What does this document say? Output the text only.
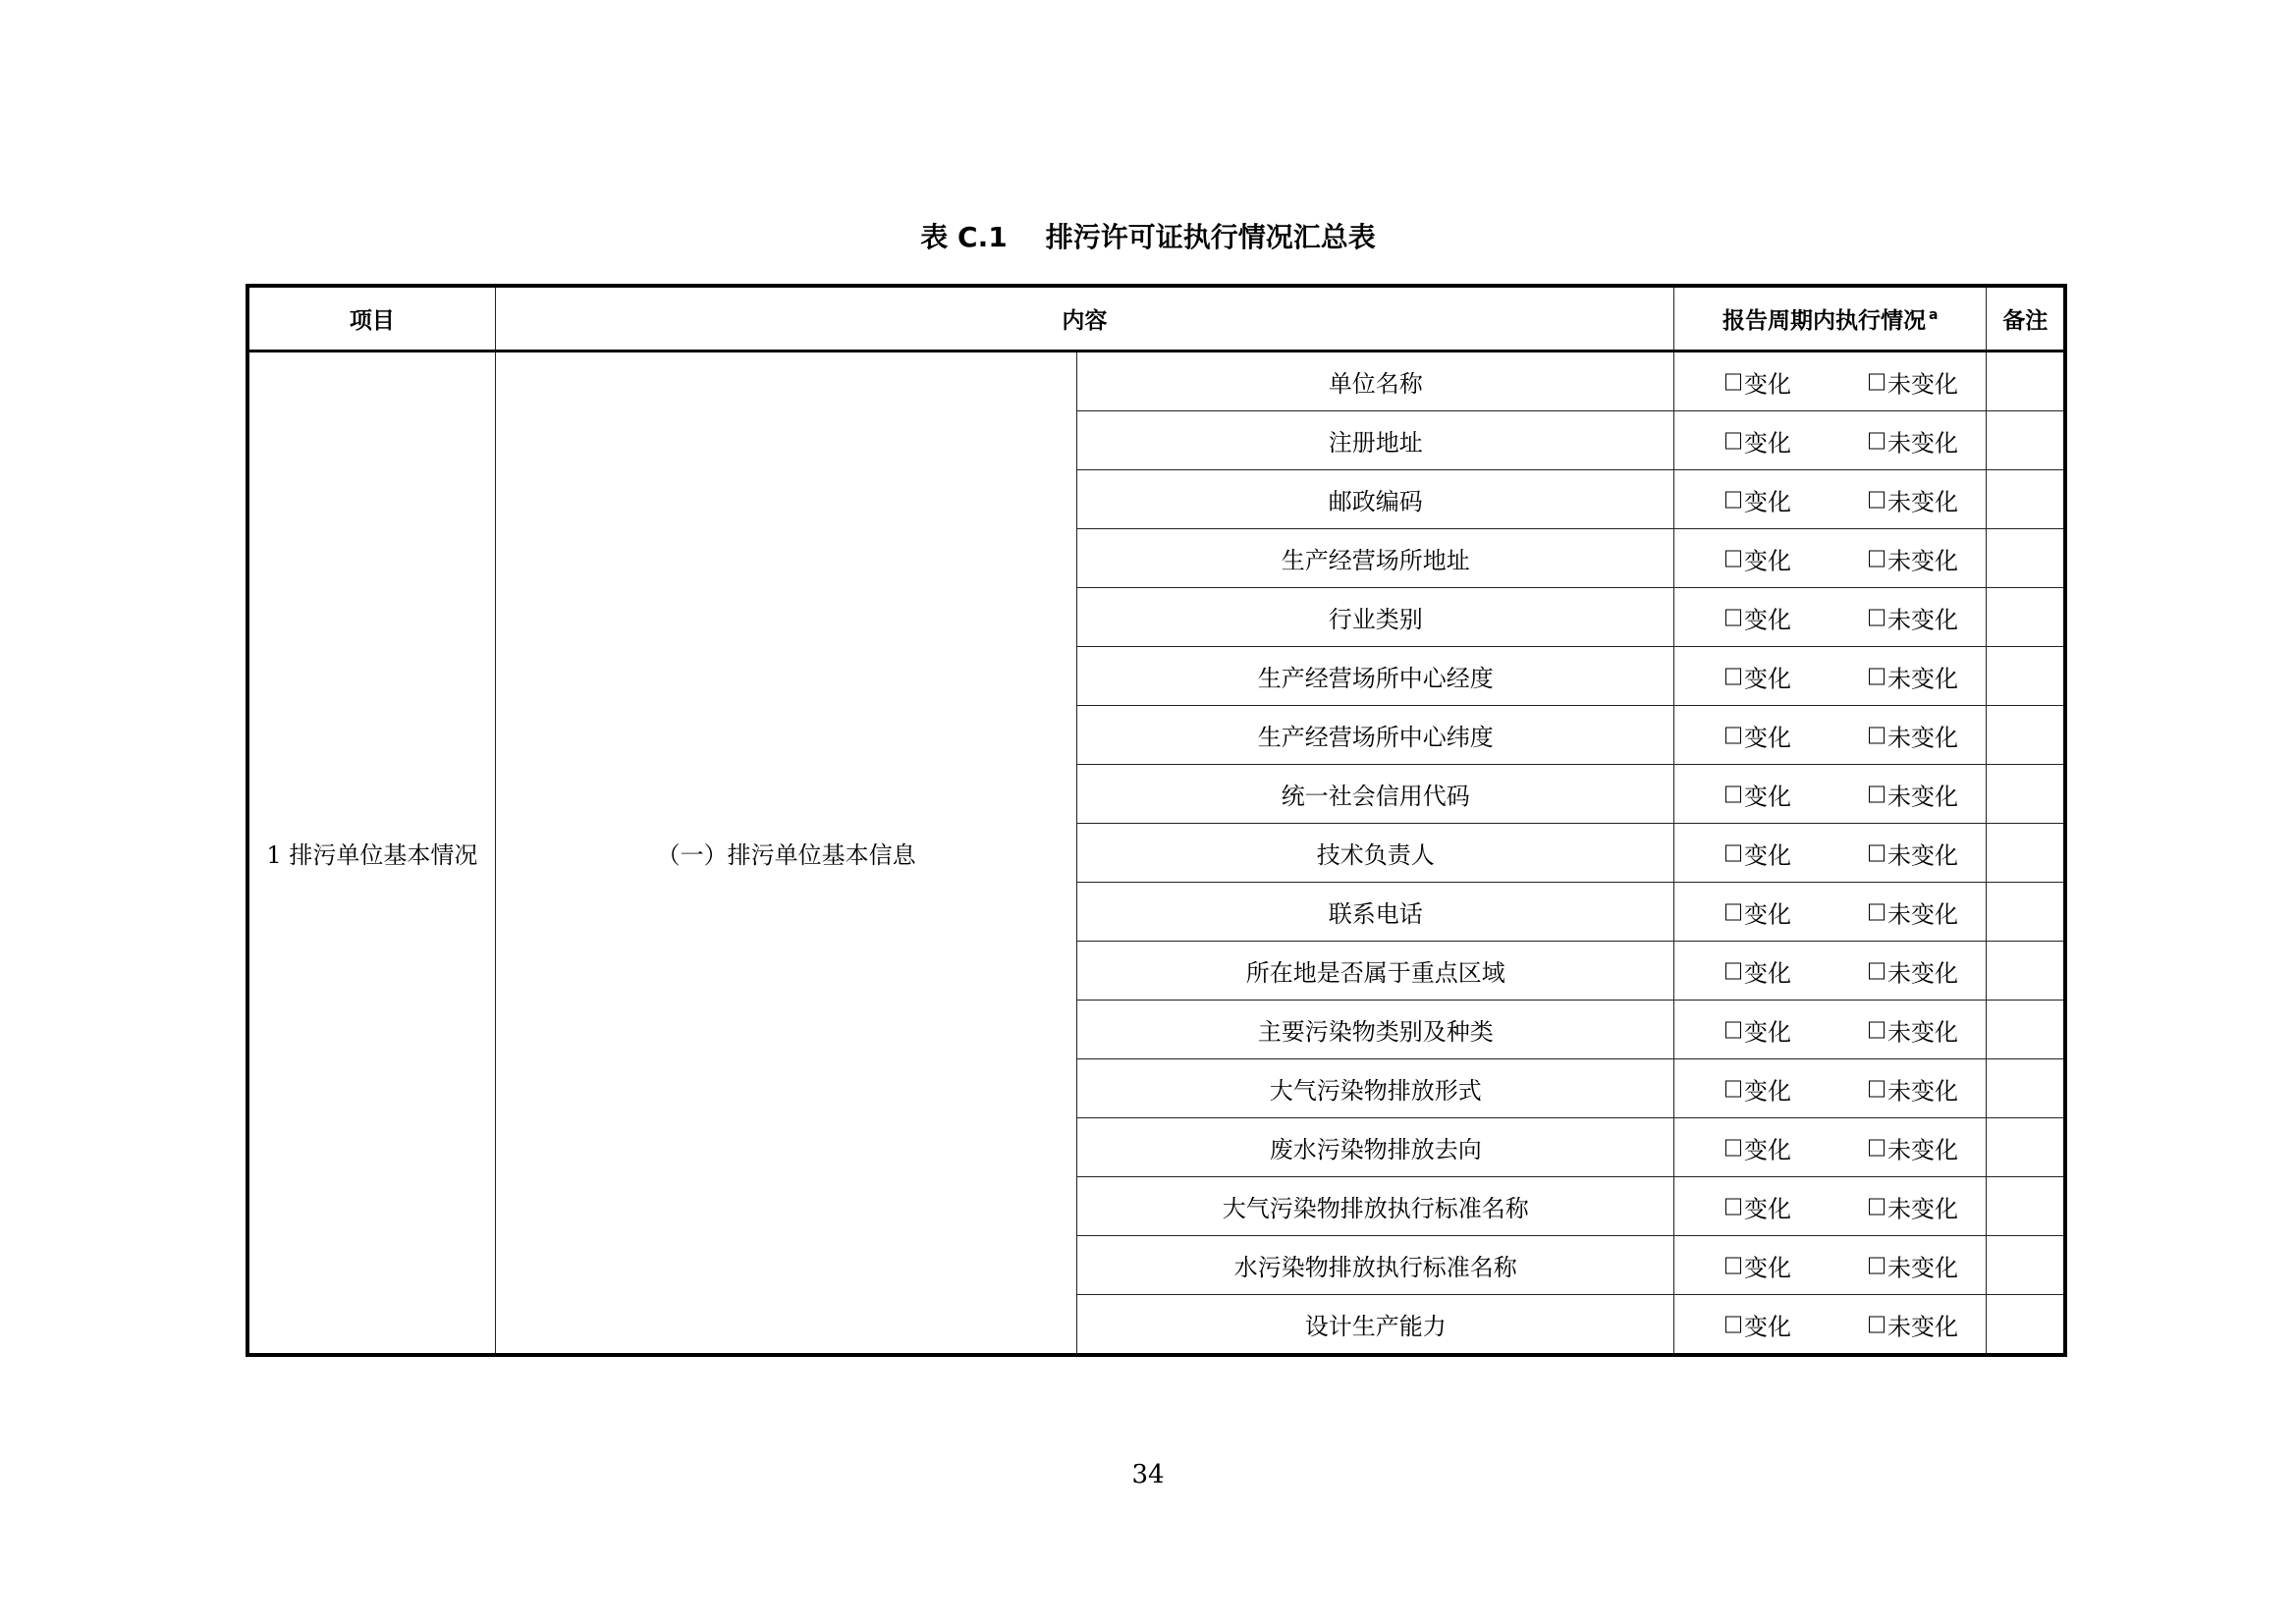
表 C.1    排污许可证执行情况汇总表
项目	内容		报告周期内执行情况 $^a$	备注
1 排污单位基本情况	（一）排污单位基本信息	单位名称	变化 未变化	

		注册地址	变化 未变化	

		邮政编码	变化 未变化	

		生产经营场所地址	变化 未变化	

		行业类别	变化 未变化	

		生产经营场所中心经度	变化 未变化	

		生产经营场所中心纬度	变化 未变化	

		统一社会信用代码	变化 未变化	

		技术负责人	变化 未变化	

		联系电话	变化 未变化	

		所在地是否属于重点区域	变化 未变化	

		主要污染物类别及种类	变化 未变化	

		大气污染物排放形式	变化 未变化	

		废水污染物排放去向	变化 未变化	

		大气污染物排放执行标准名称	变化 未变化	

		水污染物排放执行标准名称	变化 未变化	

		设计生产能力	变化 未变化	

34
